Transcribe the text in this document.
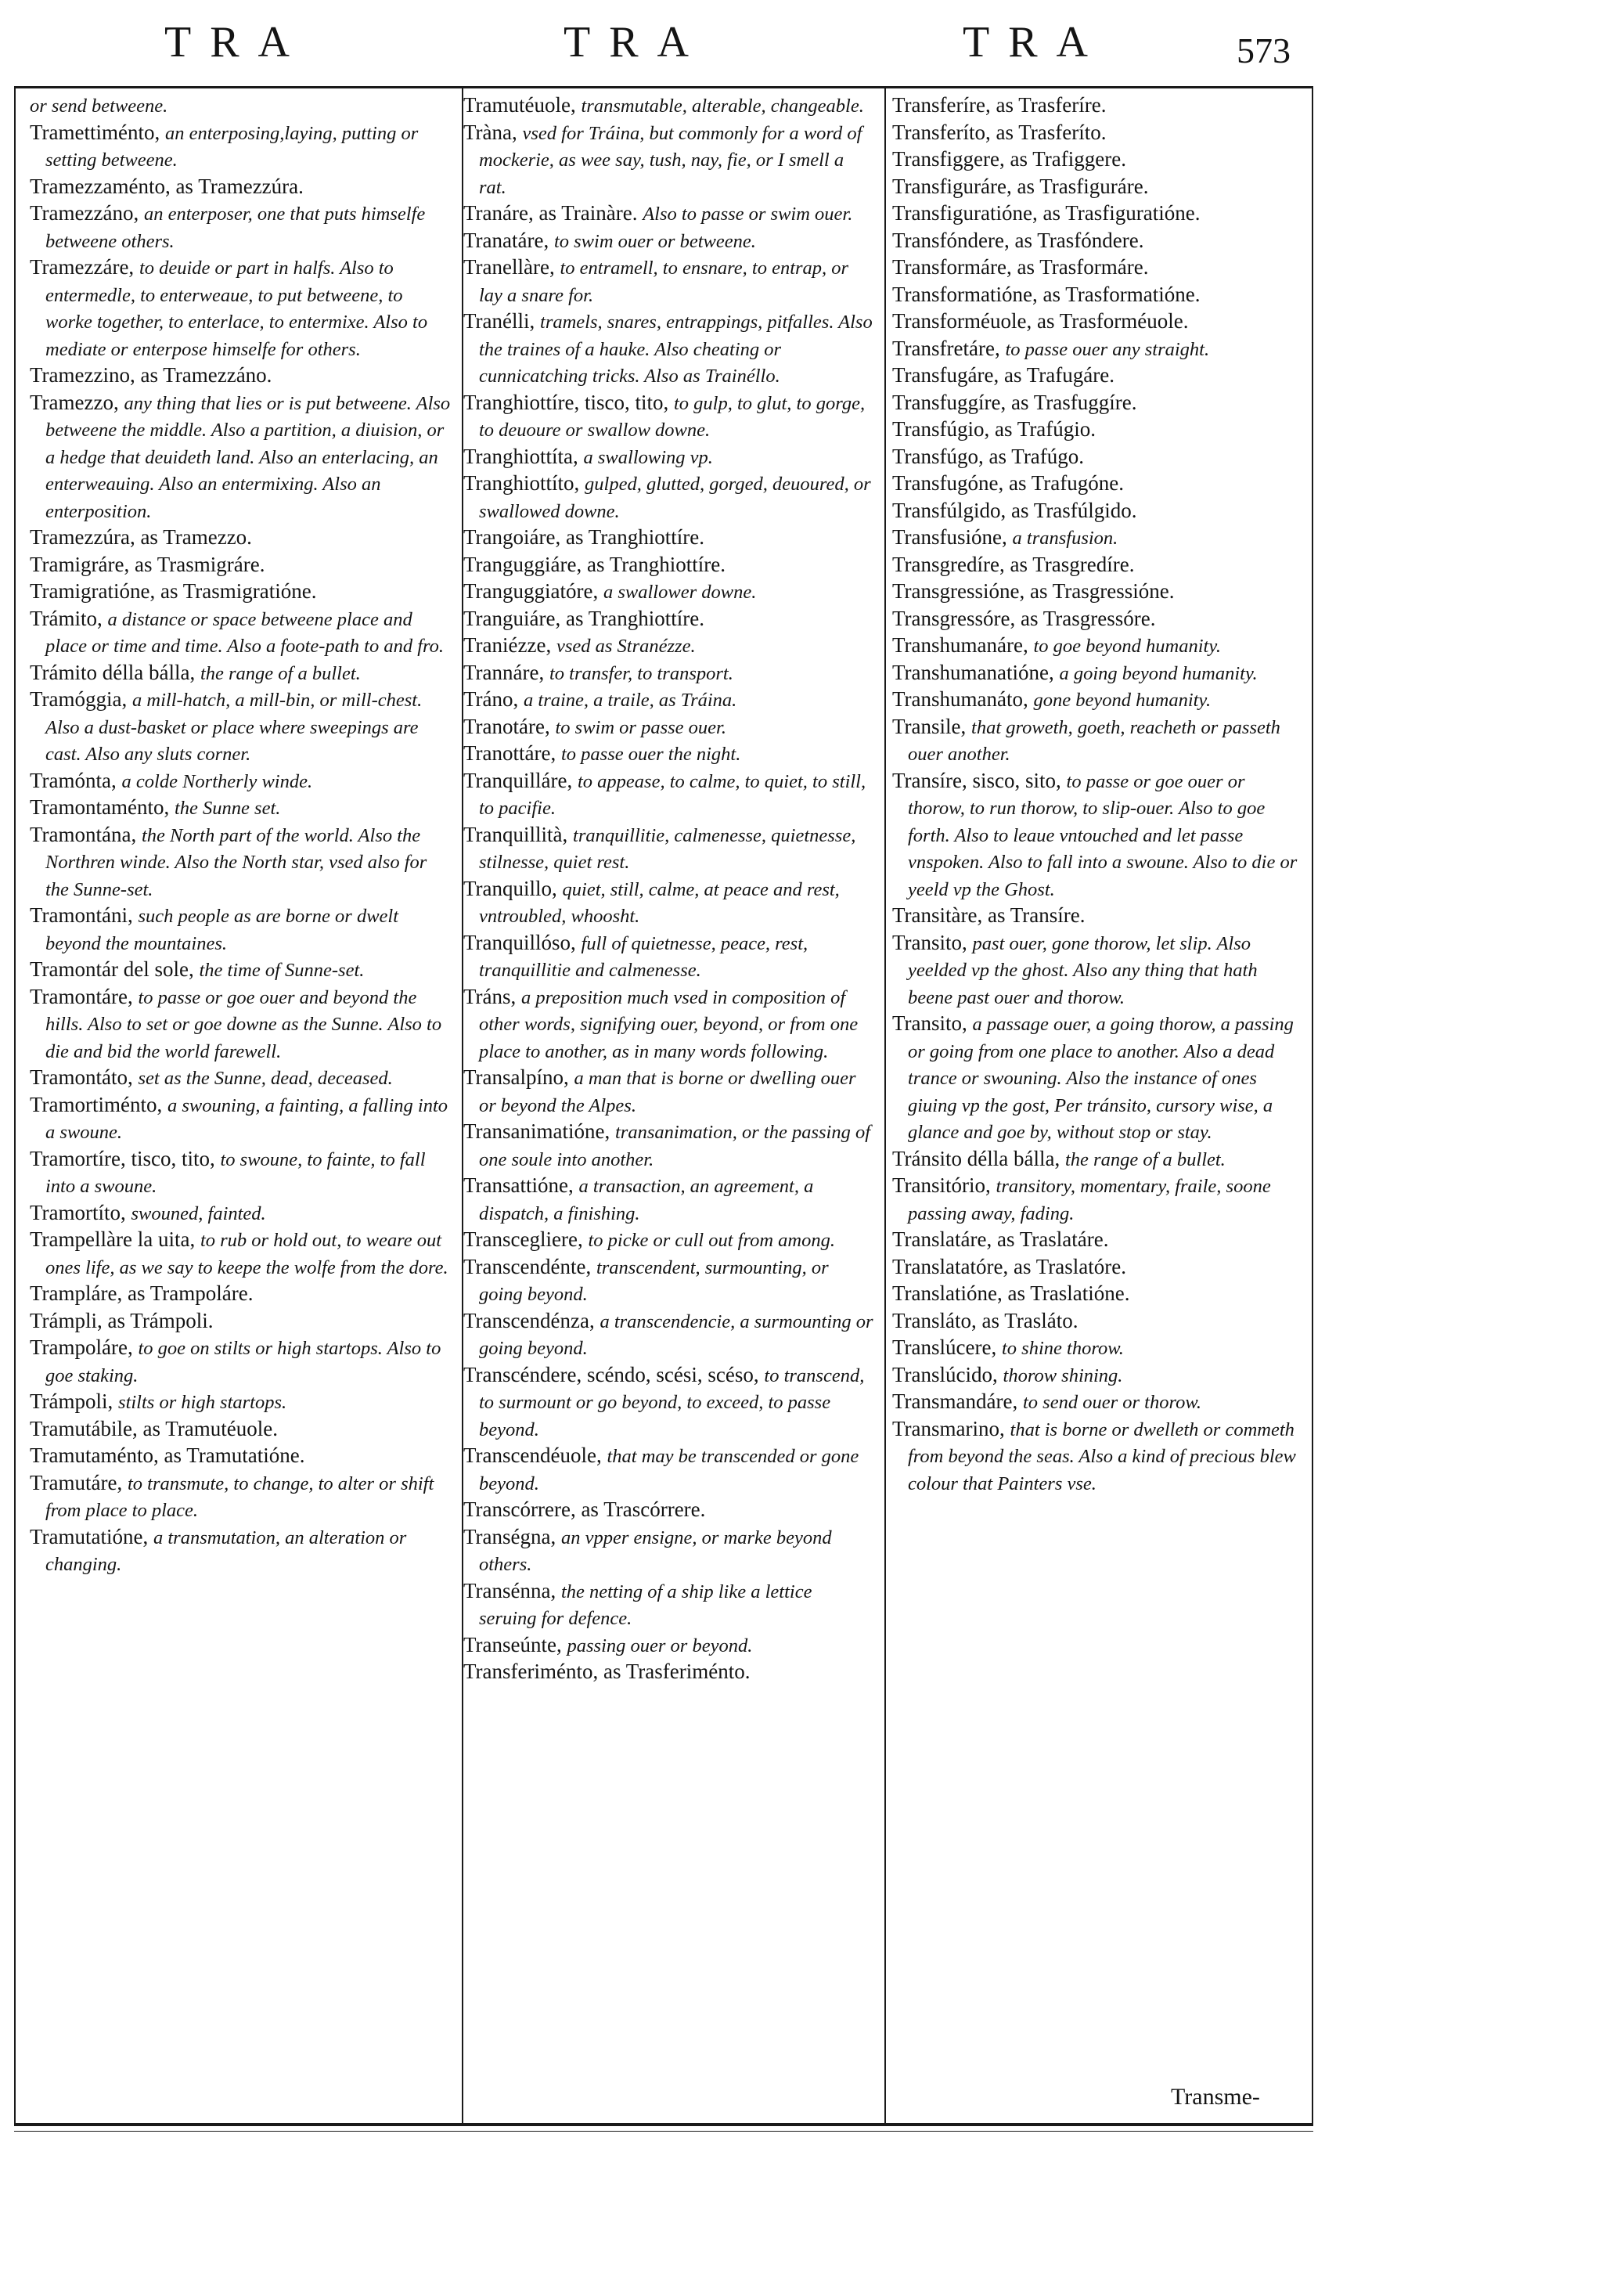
TRA	TRA	TRA	573

or send betweene.

Tramettiménto, an enterposing,laying, putting or setting betweene.

Tramezzaménto, as Tramezzúra.

Tramezzáno, an enterposer, one that puts himselfe betweene others.

Tramezzáre, to deuide or part in halfs. Also to entermedle, to enterweaue, to put betweene, to worke together, to enterlace, to entermixe. Also to mediate or enterpose himselfe for others.

Tramezzino, as Tramezzáno.

Tramezzo, any thing that lies or is put betweene. Also betweene the middle. Also a partition, a diuision, or a hedge that deuideth land. Also an enterlacing, an enterweauing. Also an entermixing. Also an enterposition.

Tramezzúra, as Tramezzo.

Tramigráre, as Trasmigráre.

Tramigratióne, as Trasmigratióne.

Trámito, a distance or space betweene place and place or time and time. Also a foote-path to and fro.

Trámito délla bálla, the range of a bullet.

Tramóggia, a mill-hatch, a mill-bin, or mill-chest. Also a dust-basket or place where sweepings are cast. Also any sluts corner.

Tramónta, a colde Northerly winde.

Tramontaménto, the Sunne set.

Tramontána, the North part of the world. Also the Northren winde. Also the North star, vsed also for the Sunne-set.

Tramontáni, such people as are borne or dwelt beyond the mountaines.

Tramontár del sole, the time of Sunne-set.

Tramontáre, to passe or goe ouer and beyond the hills. Also to set or goe downe as the Sunne. Also to die and bid the world farewell.

Tramontáto, set as the Sunne, dead, deceased.

Tramortiménto, a swouning, a fainting, a falling into a swoune.

Tramortíre, tisco, tito, to swoune, to fainte, to fall into a swoune.

Tramortíto, swouned, fainted.

Trampellàre la uita, to rub or hold out, to weare out ones life, as we say to keepe the wolfe from the dore.

Trampláre, as Trampoláre.

Trámpli, as Trámpoli.

Trampoláre, to goe on stilts or high startops. Also to goe staking.

Trámpoli, stilts or high startops.

Tramutábile, as Tramutéuole.

Tramutaménto, as Tramutatióne.

Tramutáre, to transmute, to change, to alter or shift from place to place.

Tramutatióne, a transmutation, an alteration or changing.

Tramutéuole, transmutable, alterable, changeable.

Tràna, vsed for Tráina, but commonly for a word of mockerie, as wee say, tush, nay, fie, or I smell a rat.

Tranáre, as Trainàre. Also to passe or swim ouer.

Tranatáre, to swim ouer or betweene.

Tranellàre, to entramell, to ensnare, to entrap, or lay a snare for.

Tranélli, tramels, snares, entrappings, pitfalles. Also the traines of a hauke. Also cheating or cunnicatching tricks. Also as Trainéllo.

Tranghiottíre, tisco, tito, to gulp, to glut, to gorge, to deuoure or swallow downe.

Tranghiottíta, a swallowing vp.

Tranghiottíto, gulped, glutted, gorged, deuoured, or swallowed downe.

Trangoiáre, as Tranghiottíre.

Tranguggiáre, as Tranghiottíre.

Tranguggiatóre, a swallower downe.

Tranguiáre, as Tranghiottíre.

Traniézze, vsed as Stranézze.

Trannáre, to transfer, to transport.

Tráno, a traine, a traile, as Tráina.

Tranotáre, to swim or passe ouer.

Tranottáre, to passe ouer the night.

Tranquilláre, to appease, to calme, to quiet, to still, to pacifie.

Tranquillità, tranquillitie, calmenesse, quietnesse, stilnesse, quiet rest.

Tranquillo, quiet, still, calme, at peace and rest, vntroubled, whoosht.

Tranquillóso, full of quietnesse, peace, rest, tranquillitie and calmenesse.

Tráns, a preposition much vsed in composition of other words, signifying ouer, beyond, or from one place to another, as in many words following.

Transalpíno, a man that is borne or dwelling ouer or beyond the Alpes.

Transanimatióne, transanimation, or the passing of one soule into another.

Transattióne, a transaction, an agreement, a dispatch, a finishing.

Transcegliere, to picke or cull out from among.

Transcendénte, transcendent, surmounting, or going beyond.

Transcendénza, a transcendencie, a surmounting or going beyond.

Transcéndere, scéndo, scési, scéso, to transcend, to surmount or go beyond, to exceed, to passe beyond.

Transcendéuole, that may be transcended or gone beyond.

Transcórrere, as Trascórrere.

Transégna, an vpper ensigne, or marke beyond others.

Transénna, the netting of a ship like a lettice seruing for defence.

Transeúnte, passing ouer or beyond.

Transferiménto, as Trasferiménto.

Transferíre, as Trasferíre.

Transferíto, as Trasferíto.

Transfiggere, as Trafiggere.

Transfiguráre, as Trasfiguráre.

Transfiguratióne, as Trasfiguratióne.

Transfóndere, as Trasfóndere.

Transformáre, as Trasformáre.

Transformatióne, as Trasformatióne.

Transforméuole, as Trasforméuole.

Transfretáre, to passe ouer any straight.

Transfugáre, as Trafugáre.

Transfuggíre, as Trasfuggíre.

Transfúgio, as Trafúgio.

Transfúgo, as Trafúgo.

Transfugóne, as Trafugóne.

Transfúlgido, as Trasfúlgido.

Transfusióne, a transfusion.

Transgredíre, as Trasgredíre.

Transgressióne, as Trasgressióne.

Transgressóre, as Trasgressóre.

Transhumanáre, to goe beyond humanity.

Transhumanatióne, a going beyond humanity.

Transhumanáto, gone beyond humanity.

Transile, that groweth, goeth, reacheth or passeth ouer another.

Transíre, sisco, sito, to passe or goe ouer or thorow, to run thorow, to slip-ouer. Also to goe forth. Also to leaue vntouched and let passe vnspoken. Also to fall into a swoune. Also to die or yeeld vp the Ghost.

Transitàre, as Transíre.

Transito, past ouer, gone thorow, let slip. Also yeelded vp the ghost. Also any thing that hath beene past ouer and thorow.

Transito, a passage ouer, a going thorow, a passing or going from one place to another. Also a dead trance or swouning. Also the instance of ones giuing vp the gost, Per tránsito, cursory wise, a glance and goe by, without stop or stay.

Tránsito délla bálla, the range of a bullet.

Transitório, transitory, momentary, fraile, soone passing away, fading.

Translatáre, as Traslatáre.

Translatatóre, as Traslatóre.

Translatióne, as Traslatióne.

Transláto, as Trasláto.

Translúcere, to shine thorow.

Translúcido, thorow shining.

Transmandáre, to send ouer or thorow.

Transmarino, that is borne or dwelleth or commeth from beyond the seas. Also a kind of precious blew colour that Painters vse.

Transme-
